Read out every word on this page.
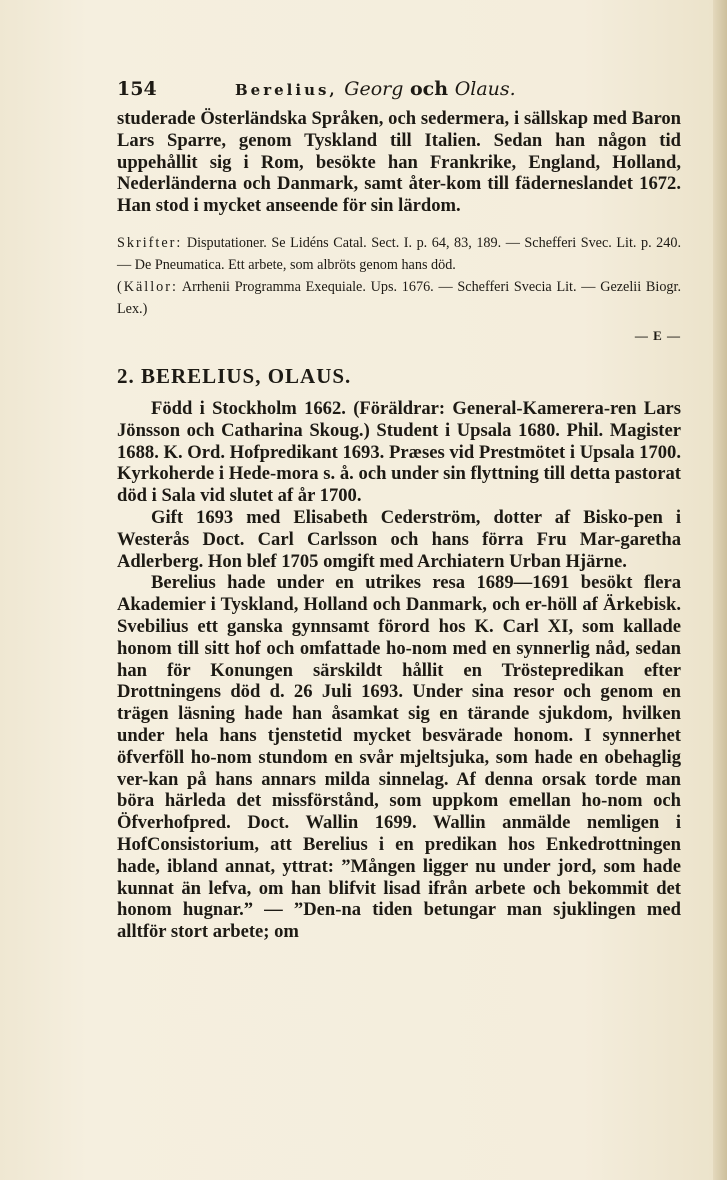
154	Berelius, Georg och Olaus.

studerade Österländska Språken, och sedermera, i sällskap med Baron Lars Sparre, genom Tyskland till Italien. Sedan han någon tid uppehållit sig i Rom, besökte han Frankrike, England, Holland, Nederländerna och Danmark, samt åter-kom till fäderneslandet 1672. Han stod i mycket anseende för sin lärdom.

Skrifter: Disputationer. Se Lidéns Catal. Sect. I. p. 64, 83, 189. — Schefferi Svec. Lit. p. 240. — De Pneumatica. Ett arbete, som albröts genom hans död.

(Källor: Arrhenii Programma Exequiale. Ups. 1676. — Schefferi Svecia Lit. — Gezelii Biogr. Lex.)

— E —
2. BERELIUS, OLAUS.

Född i Stockholm 1662. (Föräldrar: General-Kamerera-ren Lars Jönsson och Catharina Skoug.) Student i Upsala 1680. Phil. Magister 1688. K. Ord. Hofpredikant 1693. Præses vid Prestmötet i Upsala 1700. Kyrkoherde i Hede-mora s. å. och under sin flyttning till detta pastorat död i Sala vid slutet af år 1700.

Gift 1693 med Elisabeth Cederström, dotter af Bisko-pen i Westerås Doct. Carl Carlsson och hans förra Fru Mar-garetha Adlerberg. Hon blef 1705 omgift med Archiatern Urban Hjärne.

Berelius hade under en utrikes resa 1689—1691 besökt flera Akademier i Tyskland, Holland och Danmark, och er-höll af Ärkebisk. Svebilius ett ganska gynnsamt förord hos K. Carl XI, som kallade honom till sitt hof och omfattade ho-nom med en synnerlig nåd, sedan han för Konungen särskildt hållit en Tröstepredikan efter Drottningens död d. 26 Juli 1693. Under sina resor och genom en trägen läsning hade han åsamkat sig en tärande sjukdom, hvilken under hela hans tjenstetid mycket besvärade honom. I synnerhet öfverföll ho-nom stundom en svår mjeltsjuka, som hade en obehaglig ver-kan på hans annars milda sinnelag. Af denna orsak torde man böra härleda det missförstånd, som uppkom emellan ho-nom och Öfverhofpred. Doct. Wallin 1699. Wallin anmälde nemligen i HofConsistorium, att Berelius i en predikan hos Enkedrottningen hade, ibland annat, yttrat: ”Mången ligger nu under jord, som hade kunnat än lefva, om han blifvit lisad ifrån arbete och bekommit det honom hugnar.” — ”Den-na tiden betungar man sjuklingen med alltför stort arbete; om
